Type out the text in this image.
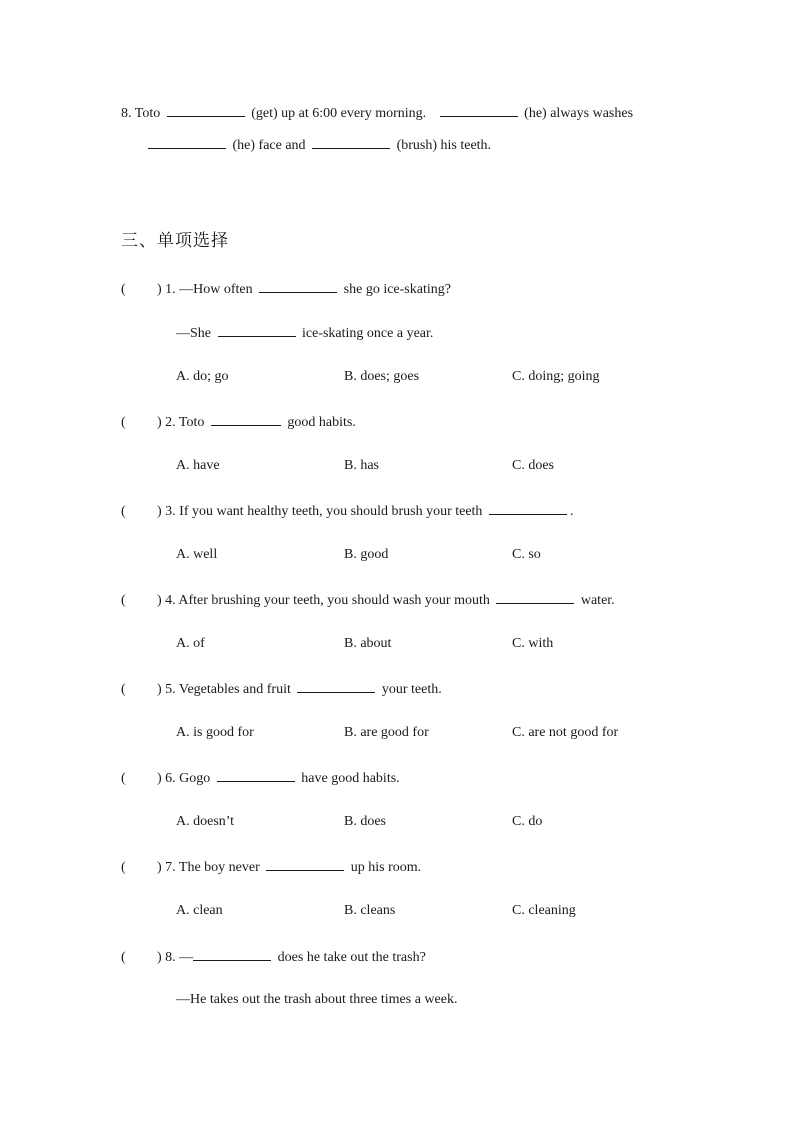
8. Toto	(get) up at 6:00 every morning.	(he) always washes
(he) face and	(brush) his teeth.
三、单项选择
( ) 1. —How often	she go ice-skating?
—She	ice-skating once a year.
A. do; go	B. does; goes	C. doing; going
( ) 2. Toto	good habits.
A. have	B. has	C. does
( ) 3. If you want healthy teeth, you should brush your teeth	.
A. well	B. good	C. so
( ) 4. After brushing your teeth, you should wash your mouth	water.
A. of	B. about	C. with
( ) 5. Vegetables and fruit	your teeth.
A. is good for	B. are good for	C. are not good for
( ) 6. Gogo	have good habits.
A. doesn’t	B. does	C. do
( ) 7. The boy never	up his room.
A. clean	B. cleans	C. cleaning
( ) 8. —	does he take out the trash?
—He takes out the trash about three times a week.
